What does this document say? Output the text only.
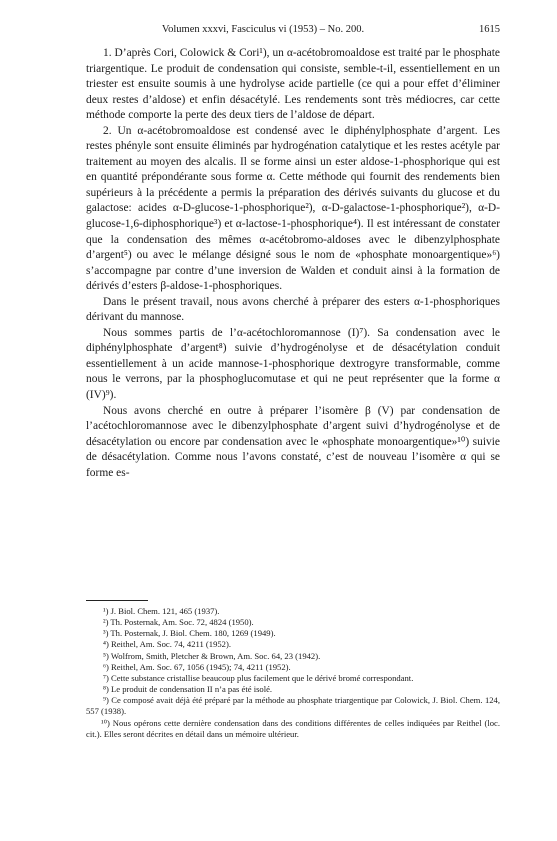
Volumen xxxvi, Fasciculus vi (1953) – No. 200.	1615

1. D’après Cori, Colowick & Cori¹), un α-acétobromoaldose est traité par le phosphate triargentique. Le produit de condensation qui consiste, semble-t-il, essentiellement en un triester est ensuite soumis à une hydrolyse acide partielle (ce qui a pour effet d’éliminer deux restes d’aldose) et enfin désacétylé. Les rendements sont très médiocres, car cette méthode comporte la perte des deux tiers de l’aldose de départ.

2. Un α-acétobromoaldose est condensé avec le diphénylphosphate d’argent. Les restes phényle sont ensuite éliminés par hydrogénation catalytique et les restes acétyle par traitement au moyen des alcalis. Il se forme ainsi un ester aldose-1-phosphorique qui est en quantité prépondérante sous forme α. Cette méthode qui fournit des rendements bien supérieurs à la précédente a permis la préparation des dérivés suivants du glucose et du galactose: acides α-D-glucose-1-phosphorique²), α-D-galactose-1-phosphorique²), α-D-glucose-1,6-diphosphorique³) et α-lactose-1-phosphorique⁴). Il est intéressant de constater que la condensation des mêmes α-acétobromo-aldoses avec le dibenzylphosphate d’argent⁵) ou avec le mélange désigné sous le nom de «phosphate monoargentique»⁶) s’accompagne par contre d’une inversion de Walden et conduit ainsi à la formation de dérivés d’esters β-aldose-1-phosphoriques.

Dans le présent travail, nous avons cherché à préparer des esters α-1-phosphoriques dérivant du mannose.

Nous sommes partis de l’α-acétochloromannose (I)⁷). Sa condensation avec le diphénylphosphate d’argent⁸) suivie d’hydrogénolyse et de désacétylation conduit essentiellement à un acide mannose-1-phosphorique dextrogyre transformable, comme nous le verrons, par la phosphoglucomutase et qui ne peut représenter que la forme α (IV)⁹).

Nous avons cherché en outre à préparer l’isomère β (V) par condensation de l’acétochloromannose avec le dibenzylphosphate d’argent suivi d’hydrogénolyse et de désacétylation ou encore par condensation avec le «phosphate monoargentique»¹⁰) suivie de désacétylation. Comme nous l’avons constaté, c’est de nouveau l’isomère α qui se forme es-

¹) J. Biol. Chem. 121, 465 (1937).

²) Th. Posternak, Am. Soc. 72, 4824 (1950).

³) Th. Posternak, J. Biol. Chem. 180, 1269 (1949).

⁴) Reithel, Am. Soc. 74, 4211 (1952).

⁵) Wolfrom, Smith, Pletcher & Brown, Am. Soc. 64, 23 (1942).

⁶) Reithel, Am. Soc. 67, 1056 (1945); 74, 4211 (1952).

⁷) Cette substance cristallise beaucoup plus facilement que le dérivé bromé correspondant.

⁸) Le produit de condensation II n’a pas été isolé.

⁹) Ce composé avait déjà été préparé par la méthode au phosphate triargentique par Colowick, J. Biol. Chem. 124, 557 (1938).

¹⁰) Nous opérons cette dernière condensation dans des conditions différentes de celles indiquées par Reithel (loc. cit.). Elles seront décrites en détail dans un mémoire ultérieur.
